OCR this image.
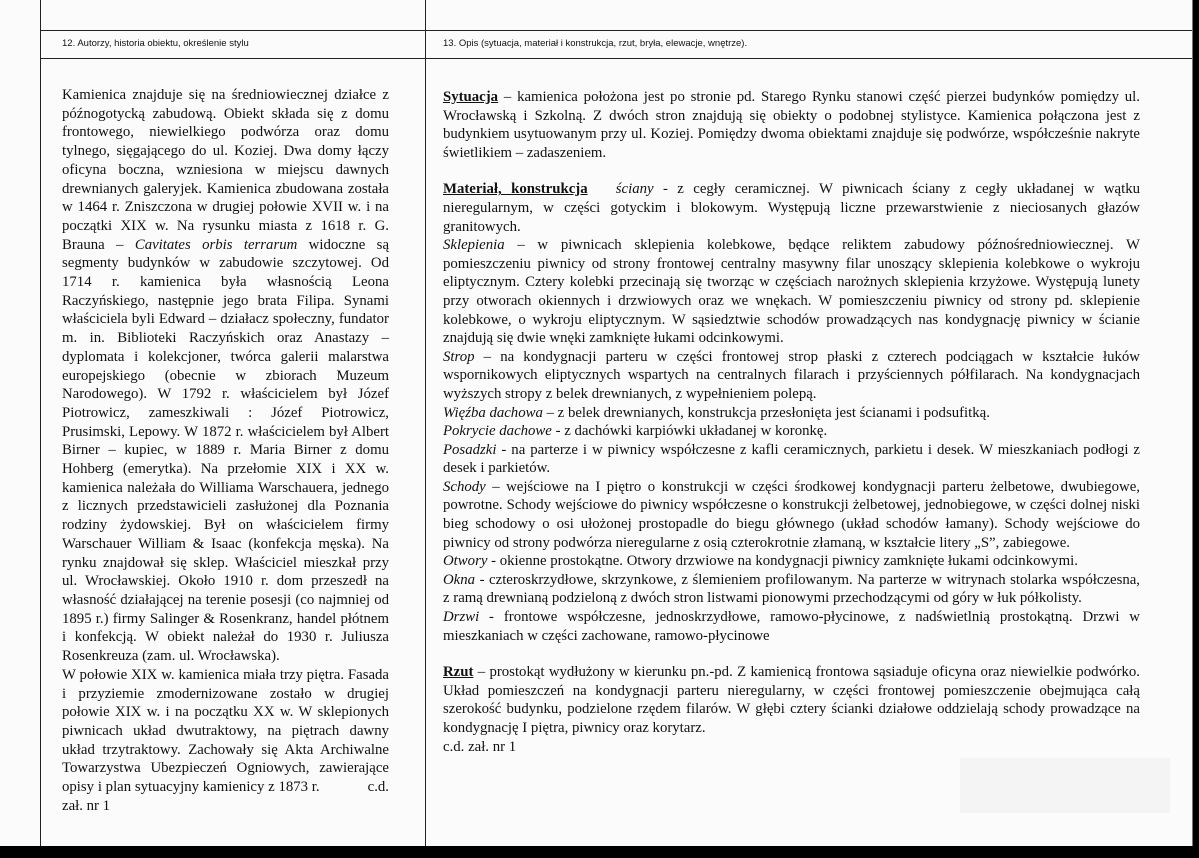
12. Autorzy, historia obiektu, określenie stylu	13. Opis (sytuacja, materiał i konstrukcja, rzut, bryła, elewacje, wnętrze).

Kamienica znajduje się na średniowiecznej działce z późnogotycką zabudową. Obiekt składa się z domu frontowego, niewielkiego podwórza oraz domu tylnego, sięgającego do ul. Koziej. Dwa domy łączy oficyna boczna, wzniesiona w miejscu dawnych drewnianych galeryjek. Kamienica zbudowana została w 1464 r. Zniszczona w drugiej połowie XVII w. i na początki XIX w. Na rysunku miasta z 1618 r. G. Brauna – Cavitates orbis terrarum widoczne są segmenty budynków w zabudowie szczytowej. Od 1714 r. kamienica była własnością Leona Raczyńskiego, następnie jego brata Filipa. Synami właściciela byli Edward – działacz społeczny, fundator m. in. Biblioteki Raczyńskich oraz Anastazy – dyplomata i kolekcjoner, twórca galerii malarstwa europejskiego (obecnie w zbiorach Muzeum Narodowego). W 1792 r. właścicielem był Józef Piotrowicz, zameszkiwali : Józef Piotrowicz, Prusimski, Lepowy. W 1872 r. właścicielem był Albert Birner – kupiec, w 1889 r. Maria Birner z domu Hohberg (emerytka). Na przełomie XIX i XX w. kamienica należała do Williama Warschauera, jednego z licznych przedstawicieli zasłużonej dla Poznania rodziny żydowskiej. Był on właścicielem firmy Warschauer William & Isaac (konfekcja męska). Na rynku znajdował się sklep. Właściciel mieszkał przy ul. Wrocławskiej. Około 1910 r. dom przeszedł na własność działającej na terenie posesji (co najmniej od 1895 r.) firmy Salinger & Rosenkranz, handel płótnem i konfekcją. W obiekt należał do 1930 r. Juliusza Rosenkreuza (zam. ul. Wrocławska).

W połowie XIX w. kamienica miała trzy piętra. Fasada i przyziemie zmodernizowane zostało w drugiej połowie XIX w. i na początku XX w. W sklepionych piwnicach układ dwutraktowy, na piętrach dawny układ trzytraktowy. Zachowały się Akta Archiwalne Towarzystwa Ubezpieczeń Ogniowych, zawierające opisy i plan sytuacyjny kamienicy z 1873 r.	c.d. zał. nr 1

Sytuacja – kamienica położona jest po stronie pd. Starego Rynku stanowi część pierzei budynków pomiędzy ul. Wrocławską i Szkolną. Z dwóch stron znajdują się obiekty o podobnej stylistyce. Kamienica połączona jest z budynkiem usytuowanym przy ul. Koziej. Pomiędzy dwoma obiektami znajduje się podwórze, współcześnie nakryte świetlikiem – zadaszeniem.

Materiał, konstrukcja ściany - z cegły ceramicznej. W piwnicach ściany z cegły układanej w wątku nieregularnym, w części gotyckim i blokowym. Występują liczne przewarstwienie z nieciosanych głazów granitowych.

Sklepienia – w piwnicach sklepienia kolebkowe, będące reliktem zabudowy późnośredniowiecznej. W pomieszczeniu piwnicy od strony frontowej centralny masywny filar unoszący sklepienia kolebkowe o wykroju eliptycznym. Cztery kolebki przecinają się tworząc w częściach narożnych sklepienia krzyżowe. Występują lunety przy otworach okiennych i drzwiowych oraz we wnękach. W pomieszczeniu piwnicy od strony pd. sklepienie kolebkowe, o wykroju eliptycznym. W sąsiedztwie schodów prowadzących nas kondygnację piwnicy w ścianie znajdują się dwie wnęki zamknięte łukami odcinkowymi.

Strop – na kondygnacji parteru w części frontowej strop płaski z czterech podciągach w kształcie łuków wspornikowych eliptycznych wspartych na centralnych filarach i przyściennych półfilarach. Na kondygnacjach wyższych stropy z belek drewnianych, z wypełnieniem polepą.

Więźba dachowa – z belek drewnianych, konstrukcja przesłonięta jest ścianami i podsufitką.

Pokrycie dachowe - z dachówki karpiówki układanej w koronkę.

Posadzki - na parterze i w piwnicy współczesne z kafli ceramicznych, parkietu i desek. W mieszkaniach podłogi z desek i parkietów.

Schody – wejściowe na I piętro o konstrukcji w części środkowej kondygnacji parteru żelbetowe, dwubiegowe, powrotne. Schody wejściowe do piwnicy współczesne o konstrukcji żelbetowej, jednobiegowe, w części dolnej niski bieg schodowy o osi ułożonej prostopadle do biegu głównego (układ schodów łamany). Schody wejściowe do piwnicy od strony podwórza nieregularne z osią czterokrotnie złamaną, w kształcie litery „S”, zabiegowe.

Otwory - okienne prostokątne. Otwory drzwiowe na kondygnacji piwnicy zamknięte łukami odcinkowymi.

Okna - czteroskrzydłowe, skrzynkowe, z ślemieniem profilowanym. Na parterze w witrynach stolarka współczesna, z ramą drewnianą podzieloną z dwóch stron listwami pionowymi przechodzącymi od góry w łuk półkolisty.

Drzwi - frontowe współczesne, jednoskrzydłowe, ramowo-płycinowe, z nadświetlnią prostokątną. Drzwi w mieszkaniach w części zachowane, ramowo-płycinowe

Rzut – prostokąt wydłużony w kierunku pn.-pd. Z kamienicą frontowa sąsiaduje oficyna oraz niewielkie podwórko. Układ pomieszczeń na kondygnacji parteru nieregularny, w części frontowej pomieszczenie obejmująca całą szerokość budynku, podzielone rzędem filarów. W głębi cztery ścianki działowe oddzielają schody prowadzące na kondygnację I piętra, piwnicy oraz korytarz.

c.d. zał. nr 1
